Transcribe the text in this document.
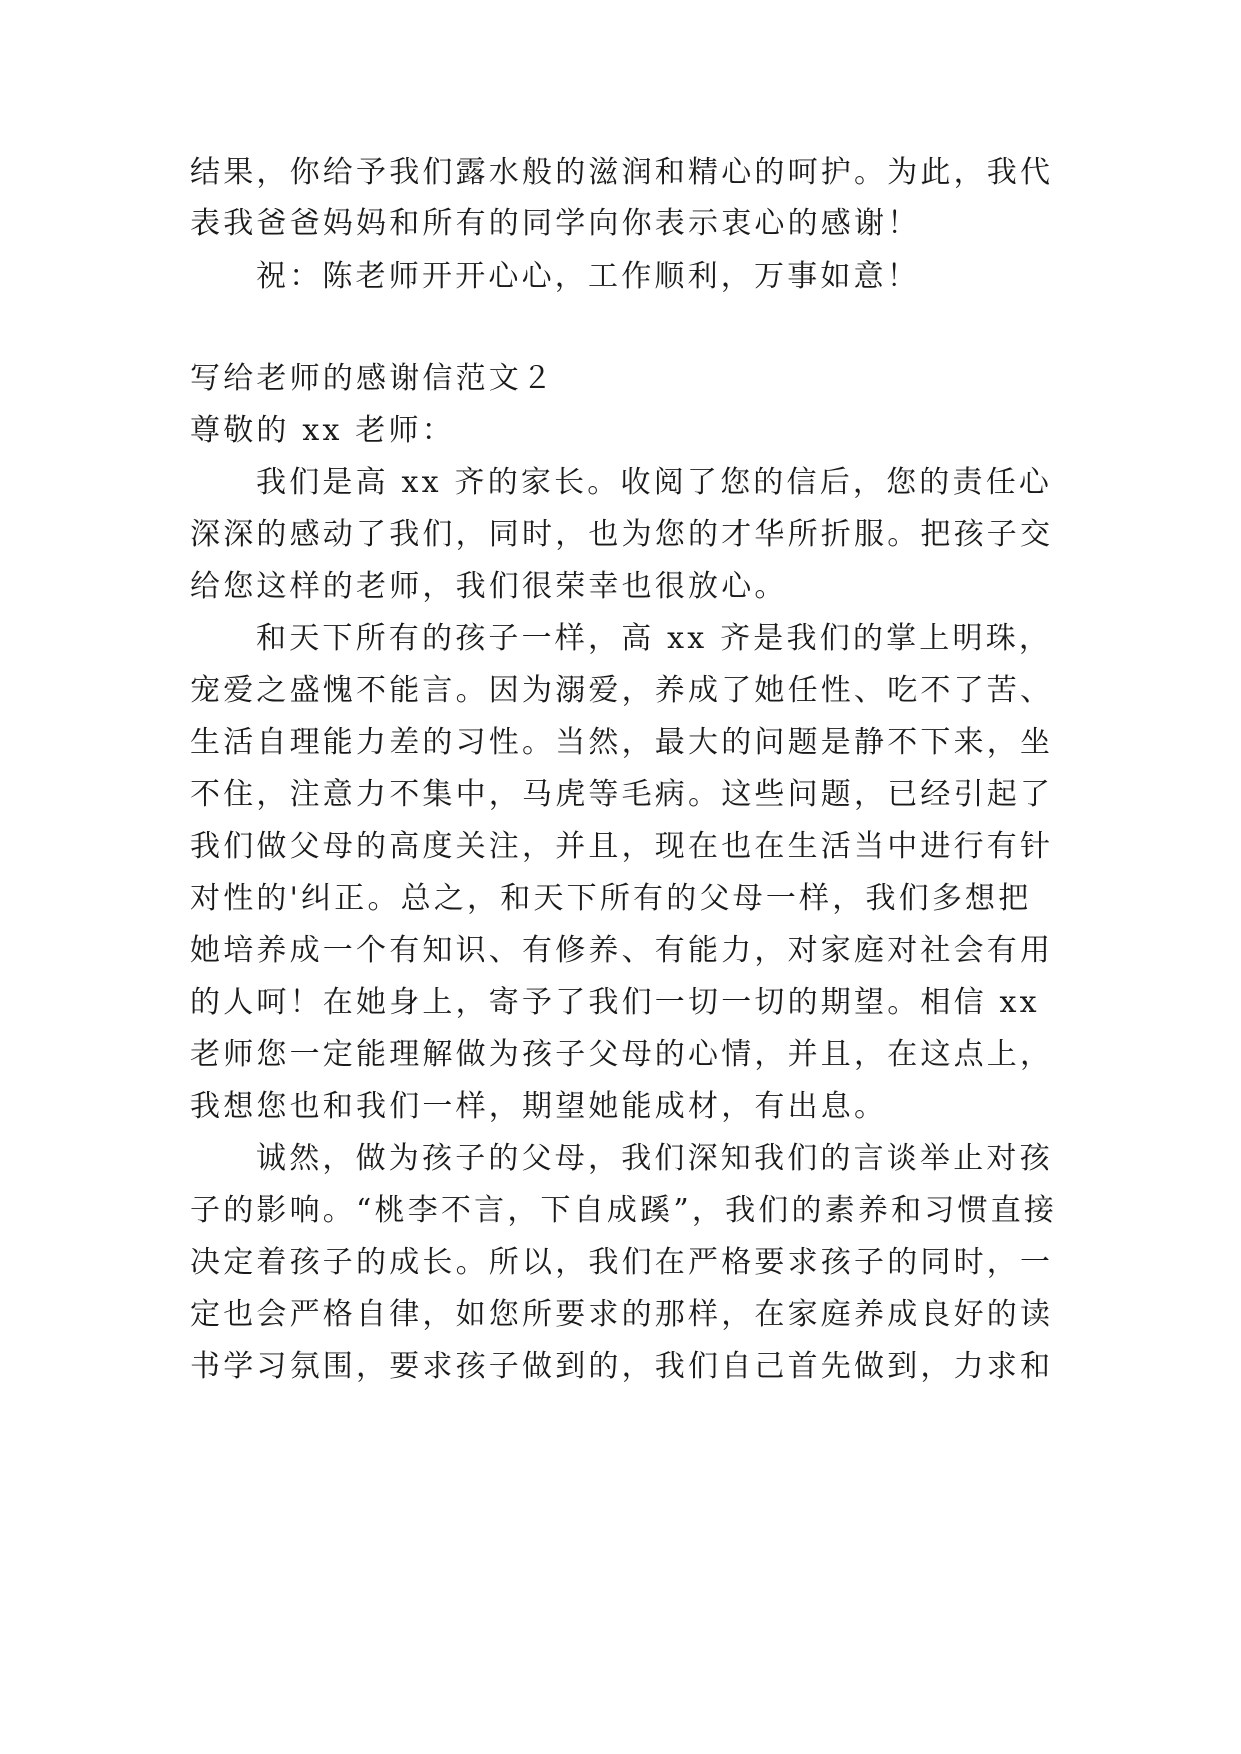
结果，你给予我们露水般的滋润和精心的呵护。为此，我代
表我爸爸妈妈和所有的同学向你表示衷心的感谢！
祝：陈老师开开心心，工作顺利，万事如意！
写给老师的感谢信范文２
尊敬的 xx 老师：
我们是高 xx 齐的家长。收阅了您的信后，您的责任心
深深的感动了我们，同时，也为您的才华所折服。把孩子交
给您这样的老师，我们很荣幸也很放心。
和天下所有的孩子一样，高 xx 齐是我们的掌上明珠，
宠爱之盛愧不能言。因为溺爱，养成了她任性、吃不了苦、
生活自理能力差的习性。当然，最大的问题是静不下来，坐
不住，注意力不集中，马虎等毛病。这些问题，已经引起了
我们做父母的高度关注，并且，现在也在生活当中进行有针
对性的'纠正。总之，和天下所有的父母一样，我们多想把
她培养成一个有知识、有修养、有能力，对家庭对社会有用
的人呵！在她身上，寄予了我们一切一切的期望。相信 xx
老师您一定能理解做为孩子父母的心情，并且，在这点上，
我想您也和我们一样，期望她能成材，有出息。
诚然，做为孩子的父母，我们深知我们的言谈举止对孩
子的影响。“桃李不言，下自成蹊”，我们的素养和习惯直接
决定着孩子的成长。所以，我们在严格要求孩子的同时，一
定也会严格自律，如您所要求的那样，在家庭养成良好的读
书学习氛围，要求孩子做到的，我们自己首先做到，力求和
